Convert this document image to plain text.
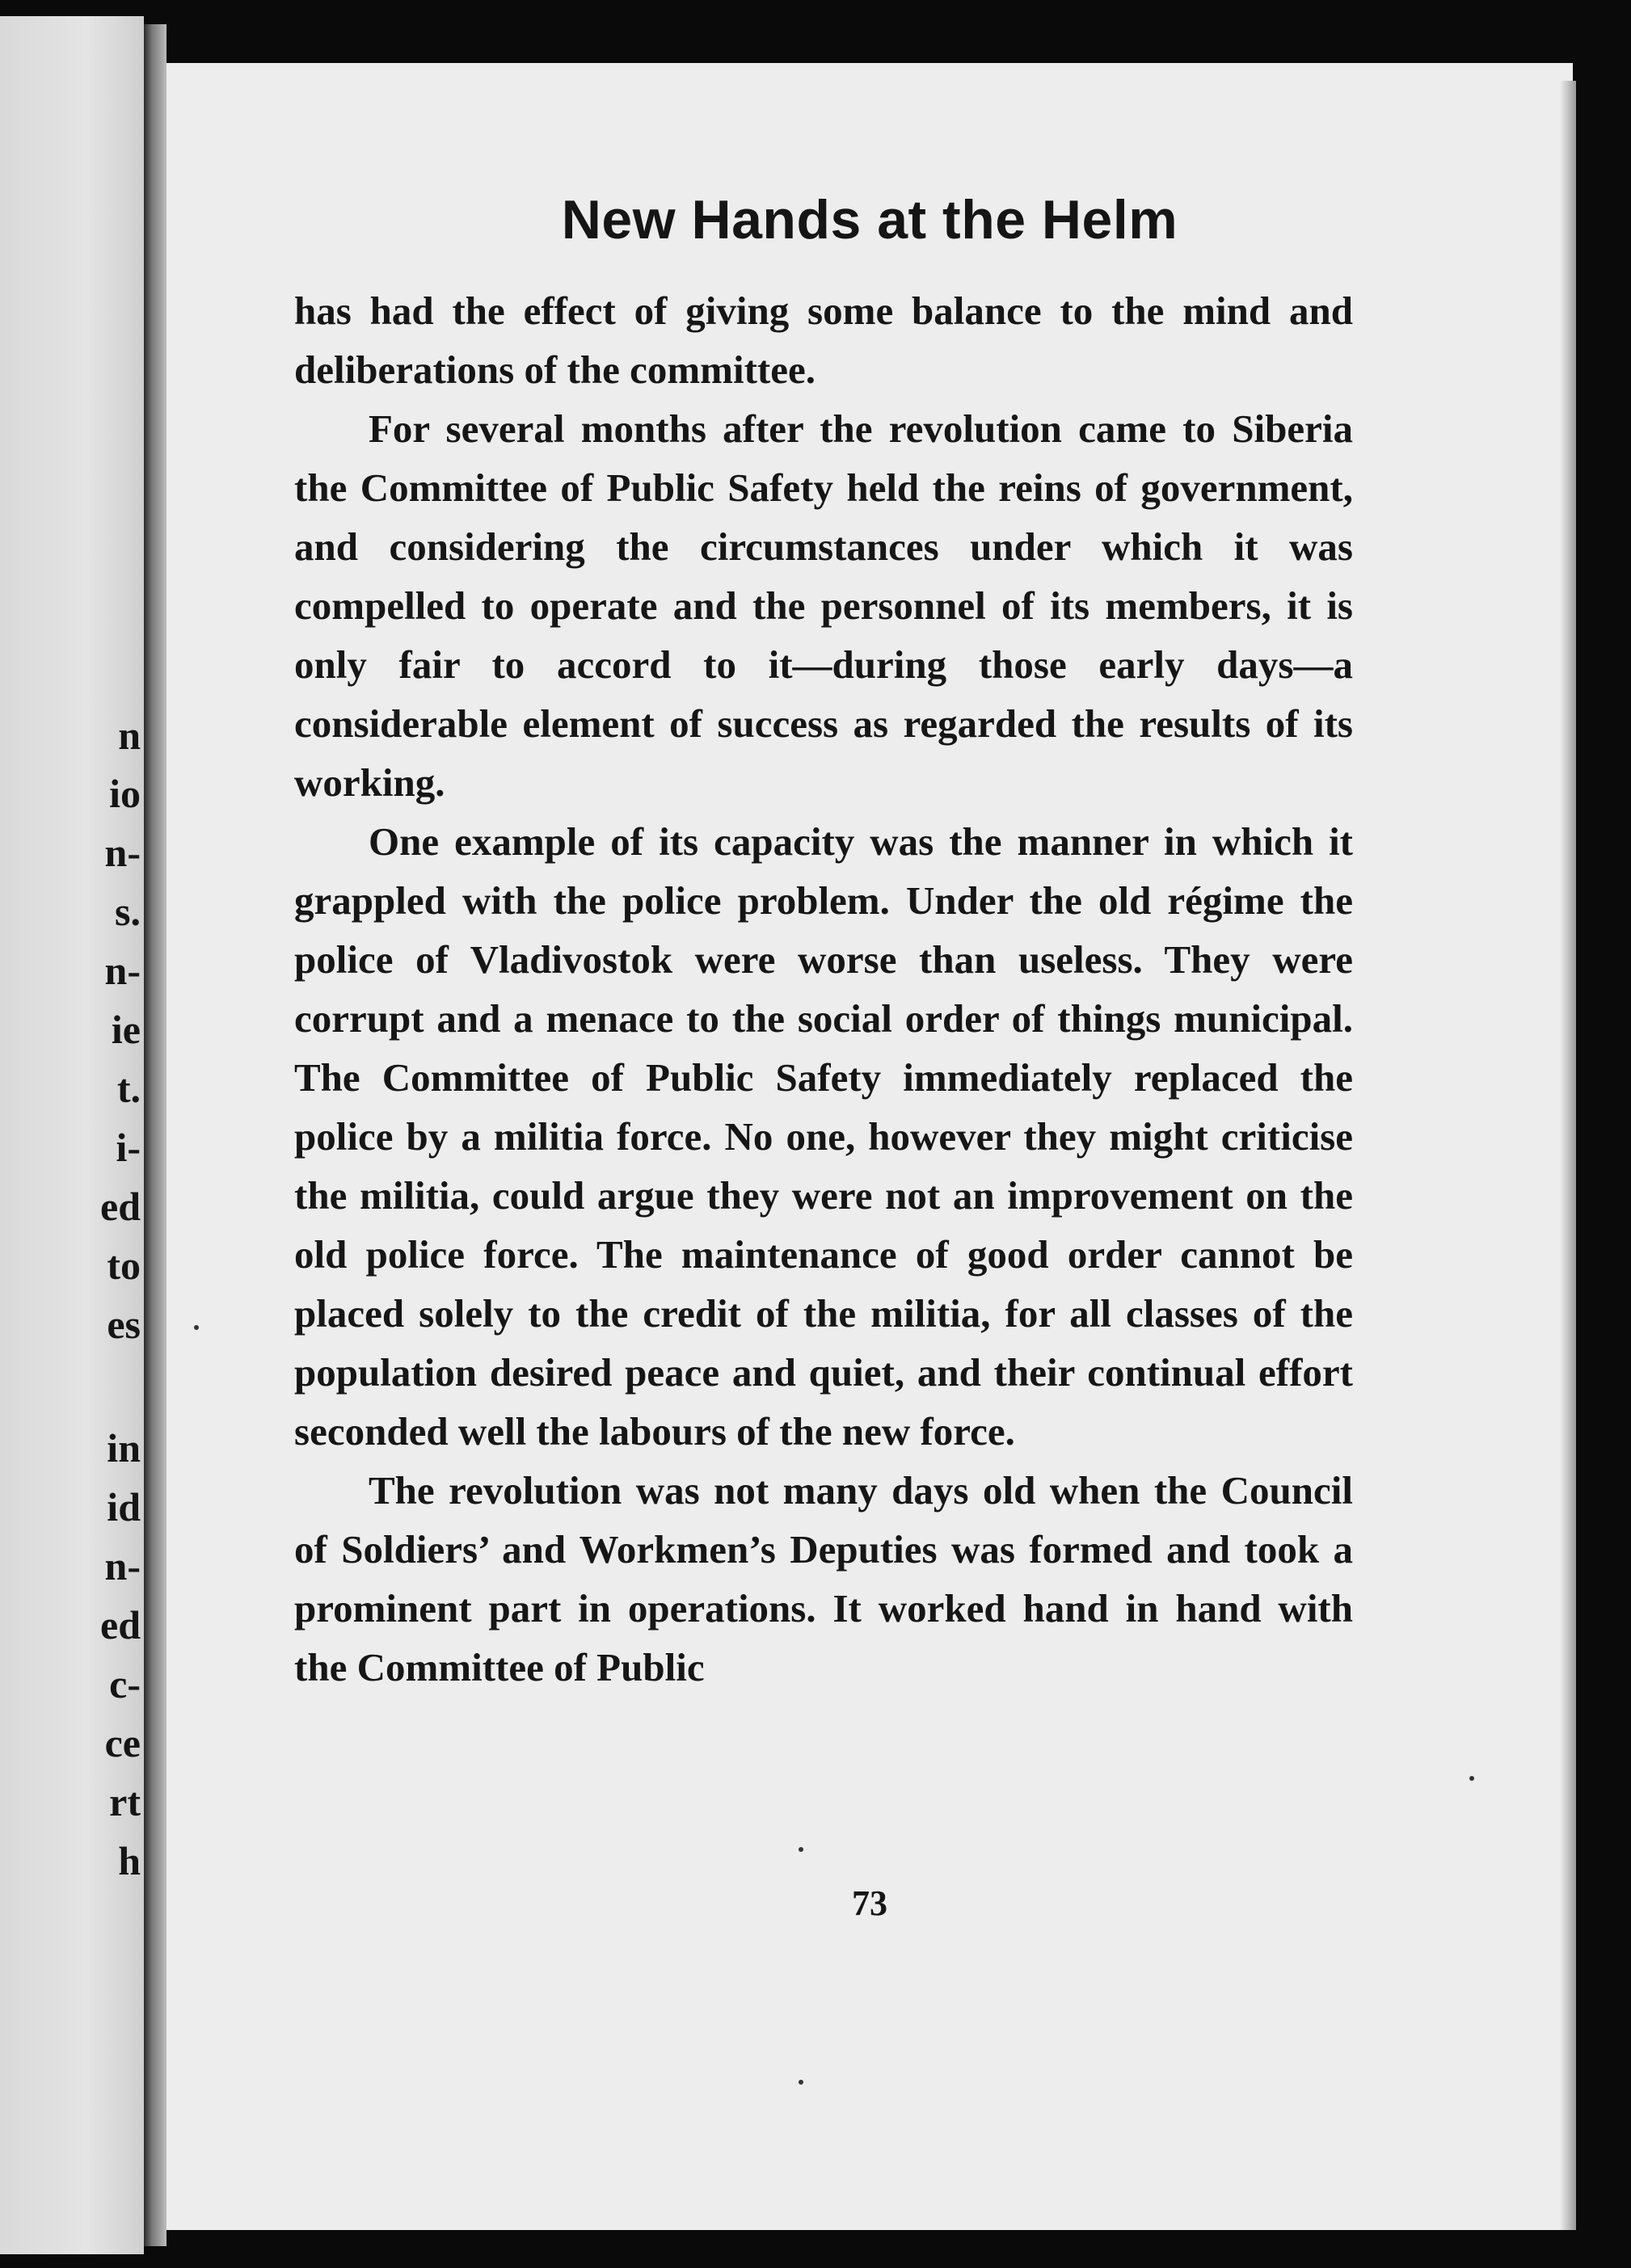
n
io
n-
s.
n-
ie
t.
i-
ed
to
es
in
id
n-
ed
c-
ce
rt
h
New Hands at the Helm

has had the effect of giving some balance to the mind and deliberations of the committee.

For several months after the revolution came to Siberia the Committee of Public Safety held the reins of government, and considering the circumstances under which it was compelled to operate and the personnel of its members, it is only fair to accord to it—during those early days—a considerable element of success as regarded the results of its working.

One example of its capacity was the manner in which it grappled with the police problem. Under the old régime the police of Vladivostok were worse than useless. They were corrupt and a menace to the social order of things municipal. The Committee of Public Safety immediately replaced the police by a militia force. No one, however they might criticise the militia, could argue they were not an improvement on the old police force. The maintenance of good order cannot be placed solely to the credit of the militia, for all classes of the population desired peace and quiet, and their continual effort seconded well the labours of the new force.

The revolution was not many days old when the Council of Soldiers’ and Workmen’s Deputies was formed and took a prominent part in operations. It worked hand in hand with the Committee of Public

73
